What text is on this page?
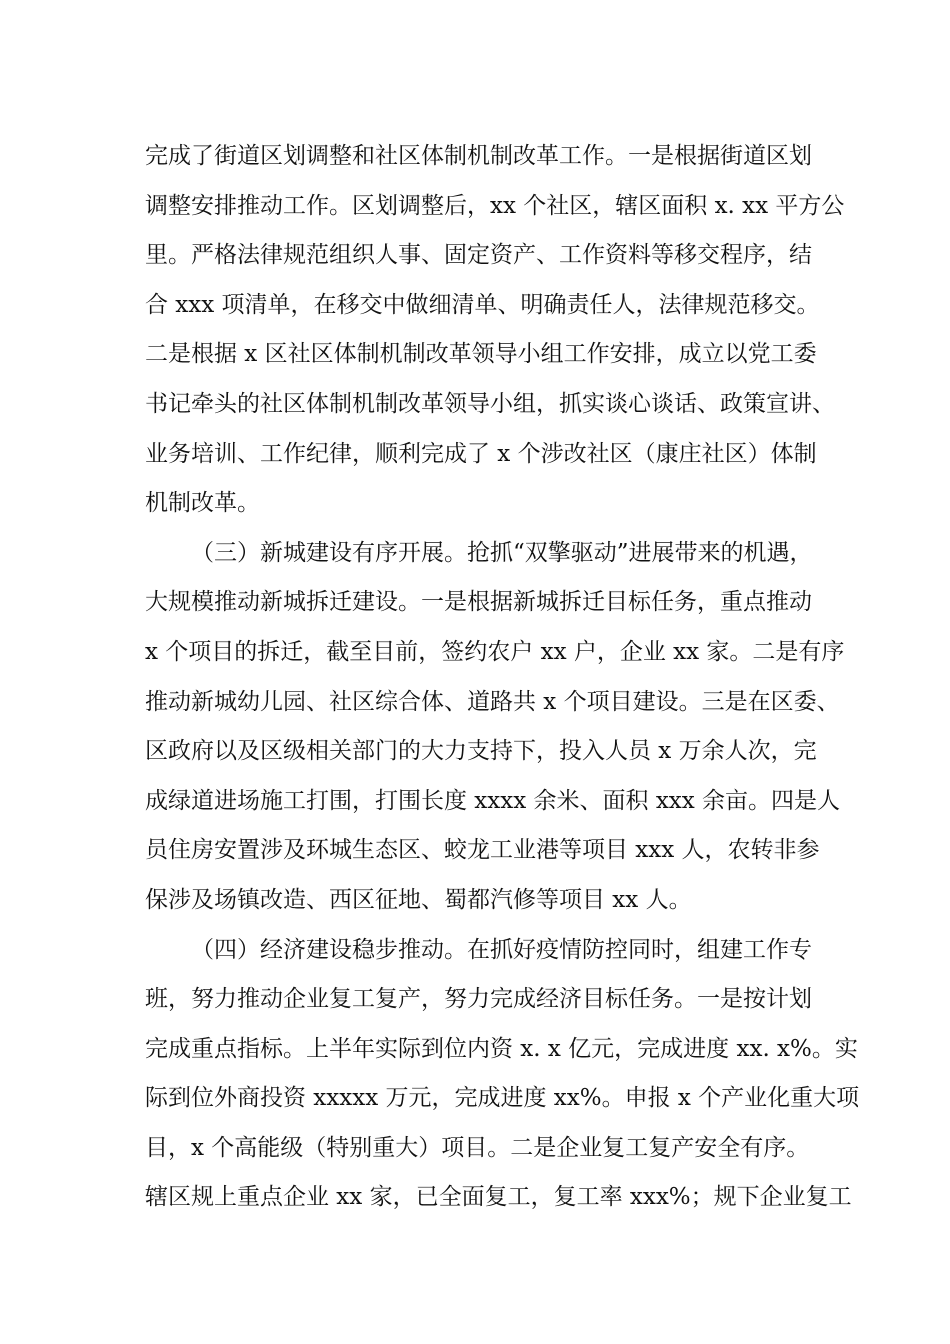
完成了街道区划调整和社区体制机制改革工作。一是根据街道区划
调整安排推动工作。区划调整后，xx 个社区，辖区面积 x. xx 平方公
里。严格法律规范组织人事、固定资产、工作资料等移交程序，结
合 xxx 项清单，在移交中做细清单、明确责任人，法律规范移交。
二是根据 x 区社区体制机制改革领导小组工作安排，成立以党工委
书记牵头的社区体制机制改革领导小组，抓实谈心谈话、政策宣讲、
业务培训、工作纪律，顺利完成了 x 个涉改社区（康庄社区）体制
机制改革。
（三）新城建设有序开展。抢抓“双擎驱动”进展带来的机遇，
大规模推动新城拆迁建设。一是根据新城拆迁目标任务，重点推动
x 个项目的拆迁，截至目前，签约农户 xx 户，企业 xx 家。二是有序
推动新城幼儿园、社区综合体、道路共 x 个项目建设。三是在区委、
区政府以及区级相关部门的大力支持下，投入人员 x 万余人次，完
成绿道进场施工打围，打围长度 xxxx 余米、面积 xxx 余亩。四是人
员住房安置涉及环城生态区、蛟龙工业港等项目 xxx 人，农转非参
保涉及场镇改造、西区征地、蜀都汽修等项目 xx 人。
（四）经济建设稳步推动。在抓好疫情防控同时，组建工作专
班，努力推动企业复工复产，努力完成经济目标任务。一是按计划
完成重点指标。上半年实际到位内资 x. x 亿元，完成进度 xx. x%。实
际到位外商投资 xxxxx 万元，完成进度 xx%。申报 x 个产业化重大项
目，x 个高能级（特别重大）项目。二是企业复工复产安全有序。
辖区规上重点企业 xx 家，已全面复工，复工率 xxx%；规下企业复工
